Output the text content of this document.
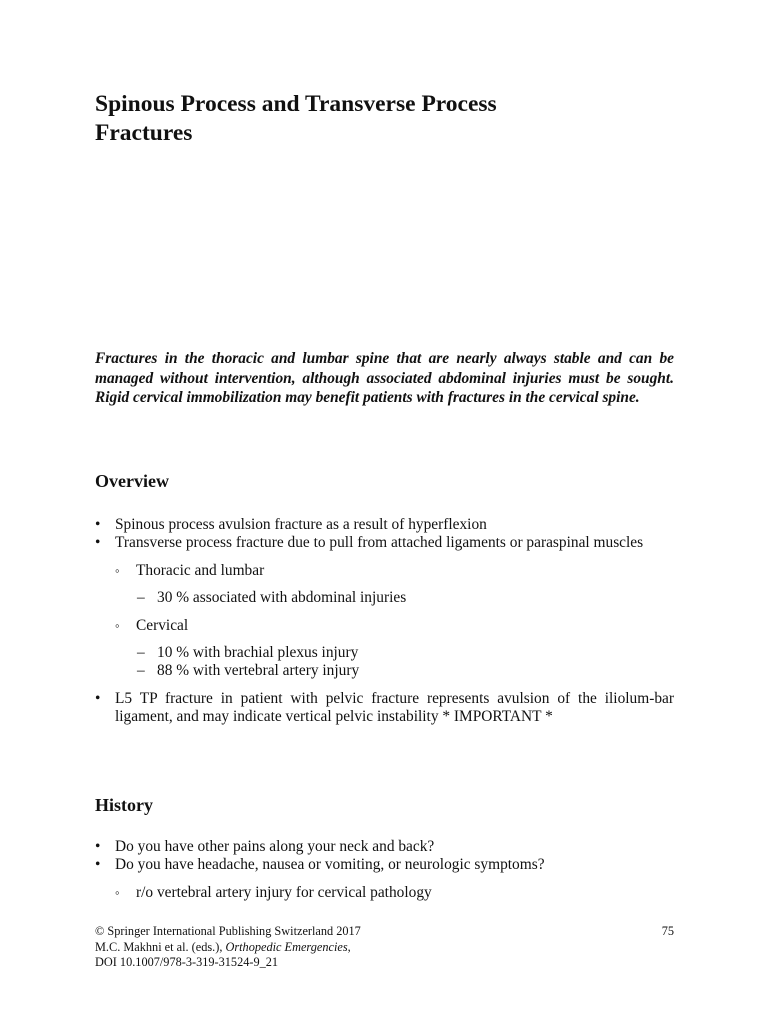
Spinous Process and Transverse Process
Fractures

Fractures in the thoracic and lumbar spine that are nearly always stable and can be managed without intervention, although associated abdominal injuries must be sought. Rigid cervical immobilization may benefit patients with fractures in the cervical spine.

Overview
• Spinous process avulsion fracture as a result of hyperflexion
• Transverse process fracture due to pull from attached ligaments or paraspinal muscles
◦ Thoracic and lumbar
– 30 % associated with abdominal injuries
◦ Cervical
– 10 % with brachial plexus injury
– 88 % with vertebral artery injury
• L5 TP fracture in patient with pelvic fracture represents avulsion of the iliolum-bar ligament, and may indicate vertical pelvic instability * IMPORTANT *
History
• Do you have other pains along your neck and back?
• Do you have headache, nausea or vomiting, or neurologic symptoms?
◦ r/o vertebral artery injury for cervical pathology
© Springer International Publishing Switzerland 2017
M.C. Makhni et al. (eds.), Orthopedic Emergencies,
DOI 10.1007/978-3-319-31524-9_21
75
